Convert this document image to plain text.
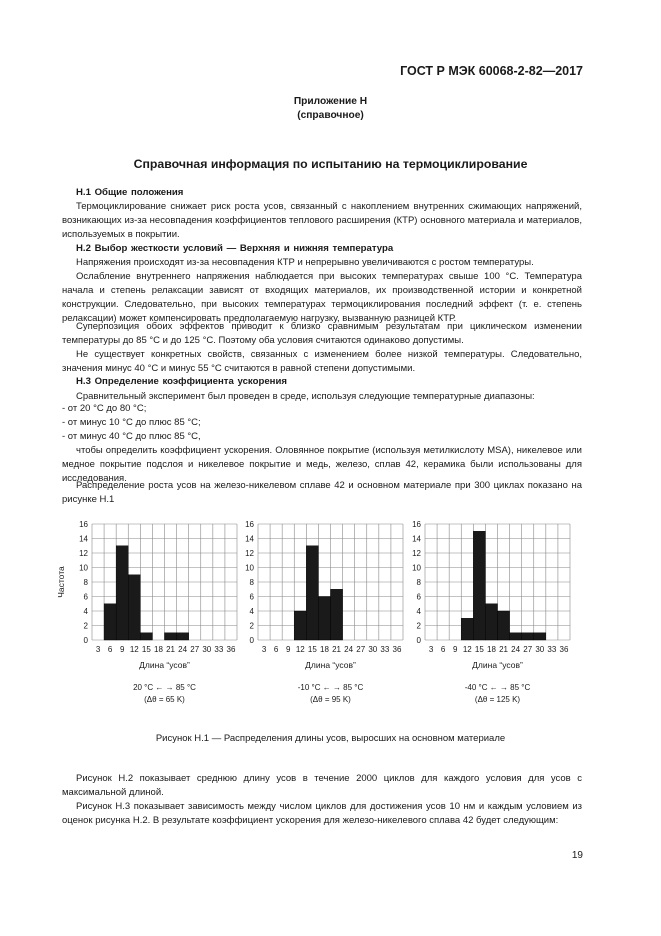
ГОСТ Р МЭК 60068-2-82—2017
Приложение Н
(справочное)
Справочная информация по испытанию на термоциклирование
Н.1 Общие положения
Термоциклирование снижает риск роста усов, связанный с накоплением внутренних сжимающих напряжений, возникающих из-за несовпадения коэффициентов теплового расширения (КТР) основного материала и материалов, используемых в покрытии.
Н.2 Выбор жесткости условий — Верхняя и нижняя температура
Напряжения происходят из-за несовпадения КТР и непрерывно увеличиваются с ростом температуры.
Ослабление внутреннего напряжения наблюдается при высоких температурах свыше 100 °С. Температура начала и степень релаксации зависят от входящих материалов, их производственной истории и конкретной конструкции. Следовательно, при высоких температурах термоциклирования последний эффект (т. е. степень релаксации) может компенсировать предполагаемую нагрузку, вызванную разницей КТР.
Суперпозиция обоих эффектов приводит к близко сравнимым результатам при циклическом изменении температуры до 85 °С и до 125 °С. Поэтому оба условия считаются одинаково допустимы.
Не существует конкретных свойств, связанных с изменением более низкой температуры. Следовательно, значения минус 40 °С и минус 55 °С считаются в равной степени допустимыми.
Н.3 Определение коэффициента ускорения
Сравнительный эксперимент был проведен в среде, используя следующие температурные диапазоны:
- от 20 °С до 80 °С;
- от минус 10 °С до плюс 85 °С;
- от минус 40 °С до плюс 85 °С,
чтобы определить коэффициент ускорения. Оловянное покрытие (используя метилкислоту MSA), никелевое или медное покрытие подслоя и никелевое покрытие и медь, железо, сплав 42, керамика были использованы для исследования.
Распределение роста усов на железо-никелевом сплаве 42 и основном материале при 300 циклах показано на рисунке Н.1
0
2
4
6
8
10
12
14
16
3 6 9 12 15 18 21 24 27 30 33 36
Длина “усов”
20 °С ← → 85 °С
(Δθ = 65 K)
Частота
0
2
4
6
8
10
12
14
16
3 6 9 12 15 18 21 24 27 30 33 36
Длина “усов”
-10 °С ← → 85 °С
(Δθ = 95 K)
0
2
4
6
8
10
12
14
16
3 6 9 12 15 18 21 24 27 30 33 36
Длина “усов”
-40 °С ← → 85 °С
(Δθ = 125 K)
Рисунок Н.1 — Распределения длины усов, выросших на основном материале
Рисунок Н.2 показывает среднюю длину усов в течение 2000 циклов для каждого условия для усов с максимальной длиной.
Рисунок Н.3 показывает зависимость между числом циклов для достижения усов 10 нм и каждым условием из оценок рисунка Н.2. В результате коэффициент ускорения для железо-никелевого сплава 42 будет следующим:
19
